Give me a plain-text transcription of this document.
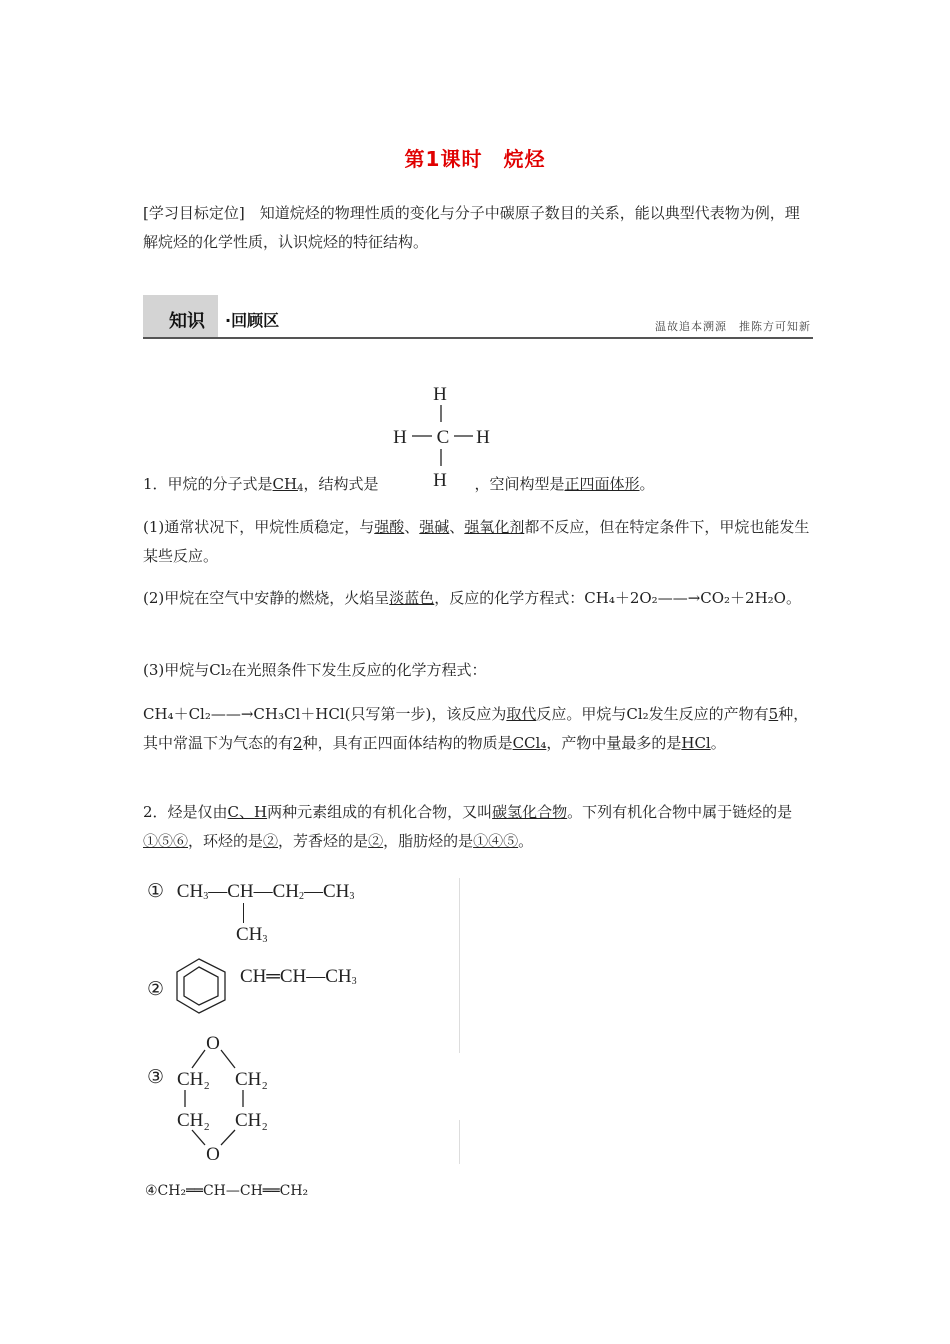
第1课时　烷烃
[学习目标定位]　 知道烷烃的物理性质的变化与分子中碳原子数目的关系，能以典型代表物为例，理解烷烃的化学性质，认识烷烃的特征结构。
知识 ·回顾区	温故追本溯源　推陈方可知新
H
H C H
H
1．甲烷的分子式是$CH_4$，结构式是	，空间构型是正四面体形。
(1)通常状况下，甲烷性质稳定，与强酸、强碱、强氧化剂都不反应，但在特定条件下，甲烷也能发生某些反应。
(2)甲烷在空气中安静的燃烧，火焰呈淡蓝色，反应的化学方程式：CH₄＋2O₂——→CO₂＋2H₂O。
(3)甲烷与Cl₂在光照条件下发生反应的化学方程式：
CH₄＋Cl₂——→CH₃Cl＋HCl(只写第一步)，该反应为取代反应。甲烷与Cl₂发生反应的产物有5种，其中常温下为气态的有2种，具有正四面体结构的物质是CCl₄，产物中量最多的是HCl。
2．烃是仅由C、H两种元素组成的有机化合物，又叫碳氢化合物。下列有机化合物中属于链烃的是①⑤⑥，环烃的是②，芳香烃的是②，脂肪烃的是①④⑤。
① $CH_3—CH—CH_2—CH_3$
$CH_3$
②
$CH═CH—CH_3$
③
O
CH 2 CH 2
CH 2 CH 2
O
④CH₂══CH—CH══CH₂
